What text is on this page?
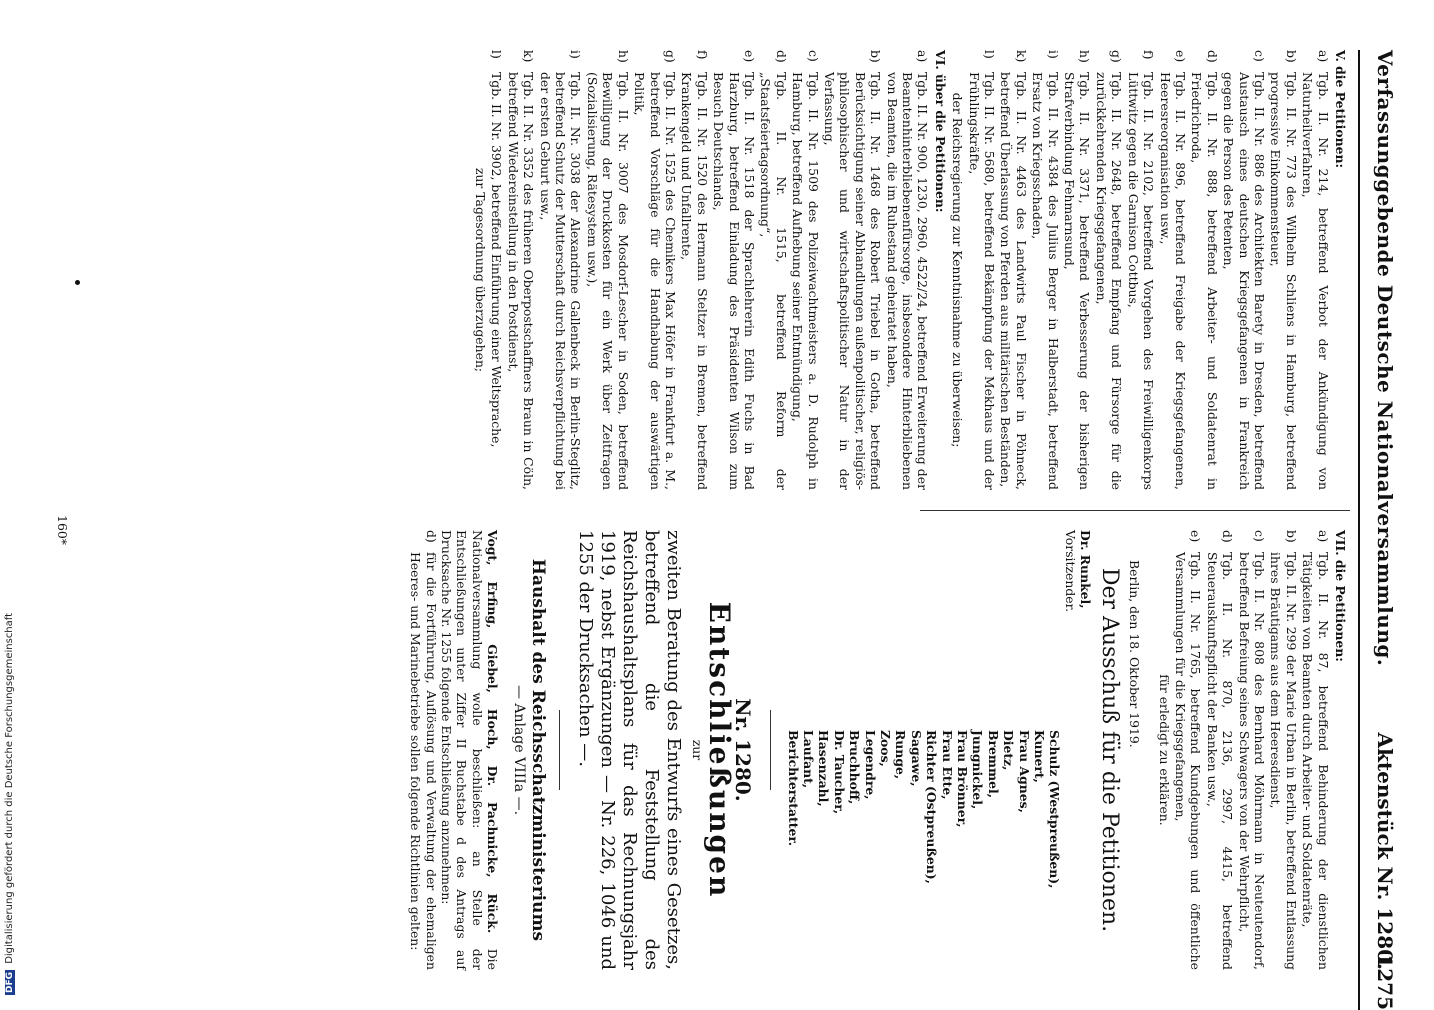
Verfassunggebende Deutsche Nationalversammlung.
Aktenstück Nr. 1280.
1275
V. die Petitionen:
a)
Tgb. II. Nr. 214, betreffend Verbot der Ankündigung von Naturheilverfahren,
b)
Tgb. II. Nr. 773 des Wilhelm Schliens in Hamburg, betreffend progressive Einkommensteuer,
c)
Tgb. II. Nr. 886 des Architekten Barety in Dresden, betreffend Austausch eines deutschen Kriegsgefangenen in Frankreich gegen die Person des Petenten,
d)
Tgb. II. Nr. 888, betreffend Arbeiter- und Soldatenrat in Friedrichroda,
e)
Tgb. II. Nr. 896, betreffend Freigabe der Kriegsgefangenen, Heeresreorganisation usw.,
f)
Tgb. II. Nr. 2102, betreffend Vorgehen des Freiwilligenkorps Lüttwitz gegen die Garnison Cottbus,
g)
Tgb. II. Nr. 2648, betreffend Empfang und Fürsorge für die zurückkehrenden Kriegsgefangenen,
h)
Tgb. II. Nr. 3371, betreffend Verbesserung der bisherigen Strafverbindung Fehmarnsund,
i)
Tgb. II. Nr. 4384 des Julius Berger in Halberstadt, betreffend Ersatz von Kriegsschaden,
k)
Tgb. II. Nr. 4463 des Landwirts Paul Fischer in Pöhneck, betreffend Überlassung von Pferden aus militärischen Beständen,
l)
Tgb. II. Nr. 5680, betreffend Bekämpfung der Mekhaus und der Frühlingskräfte,
der Reichsregierung zur Kenntnisnahme zu überweisen;
VI. über die Petitionen:
a)
Tgb. II. Nr. 900, 1230, 2960, 4522/24, betreffend Erweiterung der Beamtenhinterbliebenenfürsorge, insbesondere Hinterbliebenen von Beamten, die im Ruhestand geheiratet haben,
b)
Tgb. II. Nr. 1468 des Robert Triebel in Gotha, betreffend Berücksichtigung seiner Abhandlungen außenpolitischer, religiös-philosophischer und wirtschaftspolitischer Natur in der Verfassung,
c)
Tgb. II. Nr. 1509 des Polizeiwachtmeisters a. D. Rudolph in Hamburg, betreffend Aufhebung seiner Entmündigung,
d)
Tgb. II. Nr. 1515, betreffend Reform der „Staatsfeiertagsordnung“,
e)
Tgb. II. Nr. 1518 der Sprachlehrerin Edith Fuchs in Bad Harzburg, betreffend Einladung des Präsidenten Wilson zum Besuch Deutschlands,
f)
Tgb. II. Nr. 1520 des Hermann Steltzer in Bremen, betreffend Krankengeld und Unfallrente,
g)
Tgb. II. Nr. 1525 des Chemikers Max Höfer in Frankfurt a. M., betreffend Vorschläge für die Handhabung der auswärtigen Politik,
h)
Tgb. II. Nr. 3007 des Mosdorf-Lescher in Soden, betreffend Bewilligung der Druckkosten für ein Werk über Zeitfragen (Sozialisierung, Rätesystem usw.),
i)
Tgb. II. Nr. 3038 der Alexandrine Gallenbeck in Berlin-Steglitz, betreffend Schutz der Mutterschaft durch Reichsverpflichtung bei der ersten Geburt usw.,
k)
Tgb. II. Nr. 3352 des früheren Oberpostschaffners Braun in Cöln, betreffend Wiedereinstellung in den Postdienst,
l)
Tgb. II. Nr. 3902, betreffend Einführung einer Weltsprache,
zur Tagesordnung überzugehen;
VII. die Petitionen:
a)
Tgb. II. Nr. 87, betreffend Behinderung der dienstlichen Tätigkeiten von Beamten durch Arbeiter- und Soldatenräte,
b)
Tgb. II. Nr. 299 der Marie Urban in Berlin, betreffend Entlassung ihres Bräutigams aus dem Heeresdienst,
c)
Tgb. II. Nr. 808 des Bernhard Möhrmann in Neuteutendorf, betreffend Befreiung seines Schwagers von der Wehrpflicht,
d)
Tgb. II. Nr. 870, 2136, 2997, 4415, betreffend Steuerauskunftspflicht der Banken usw.,
e)
Tgb. II. Nr. 1765, betreffend Kundgebungen und öffentliche Versammlungen für die Kriegsgefangenen,
für erledigt zu erklären.
Berlin, den 18. Oktober 1919.
Der Ausschuß für die Petitionen.
Dr. Runkel,
Vorsitzender.
Schulz (Westpreußen),
Kunert,
Frau Agnes,
Dietz,
Bremmel,
Jungnickel,
Frau Brönner,
Frau Ette,
Richter (Ostpreußen),
Sagawe,
Runge,
Zoos,
Legendre,
Bruchhoff,
Dr. Taucher,
Hasenzahl,
Laufant,
Berichterstatter.
Nr. 1280.
Entschließungen
zur
zweiten Beratung des Entwurfs eines Gesetzes, betreffend die Feststellung des Reichshaushaltsplans für das Rechnungsjahr 1919, nebst Ergänzungen — Nr. 226, 1046 und 1255 der Drucksachen —.
Haushalt des Reichsschatzministeriums
— Anlage VIIIa —.
Vogt, Erfing, Giebel, Hoch, Dr. Pachnicke, Rück. Die Nationalversammlung wolle beschließen: an Stelle der Entschließungen unter Ziffer II Buchstabe d des Antrags auf Drucksache Nr. 1255 folgende Entschließung anzunehmen:
d)
für die Fortführung, Auflösung und Verwaltung der ehemaligen Heeres- und Marinebetriebe sollen folgende Richtlinien gelten:
160*
DFG Digitalisierung gefördert durch die Deutsche Forschungsgemeinschaft
